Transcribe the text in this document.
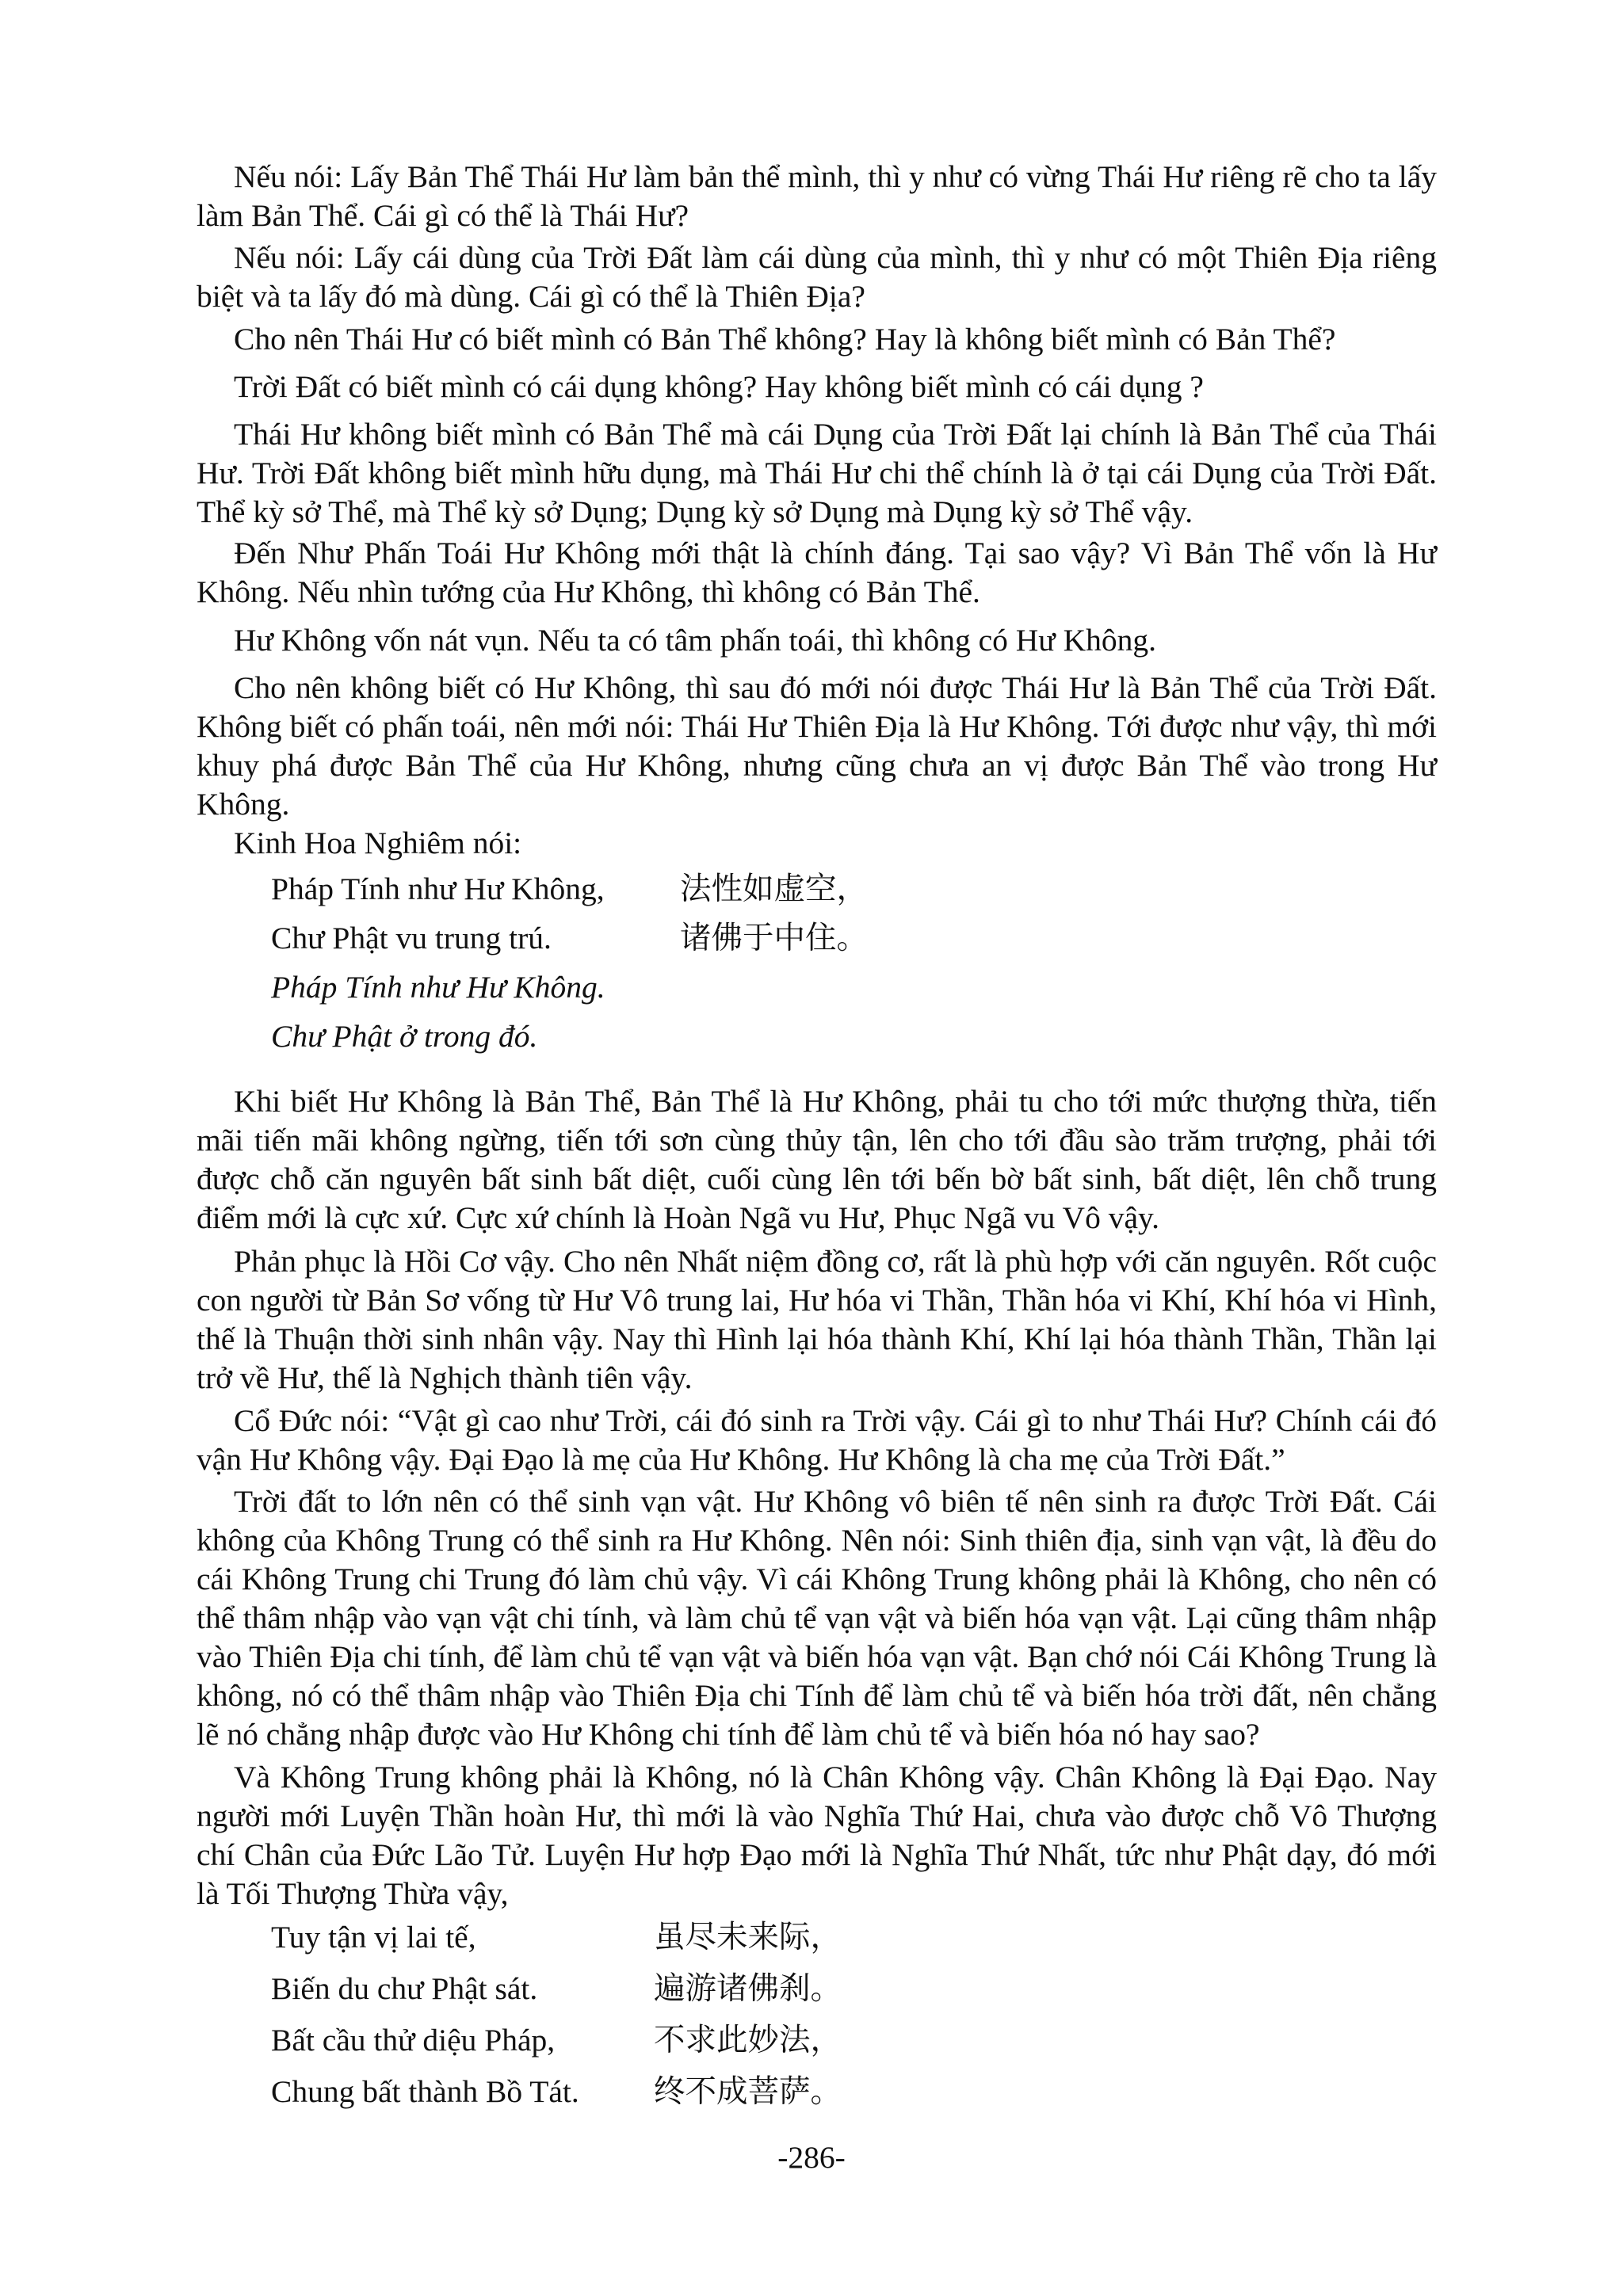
Nếu nói: Lấy Bản Thể Thái Hư làm bản thể mình, thì y như có vừng Thái Hư riêng rẽ cho ta lấy làm Bản Thể. Cái gì có thể là Thái Hư?

Nếu nói: Lấy cái dùng của Trời Đất làm cái dùng của mình, thì y như có một Thiên Địa riêng biệt và ta lấy đó mà dùng. Cái gì có thể là Thiên Địa?

Cho nên Thái Hư có biết mình có Bản Thể không? Hay là không biết mình có Bản Thể?

Trời Đất có biết mình có cái dụng không? Hay không biết mình có cái dụng ?

Thái Hư không biết mình có Bản Thể mà cái Dụng của Trời Đất lại chính là Bản Thể của Thái Hư. Trời Đất không biết mình hữu dụng, mà Thái Hư chi thể chính là ở tại cái Dụng của Trời Đất. Thể kỳ sở Thể, mà Thể kỳ sở Dụng; Dụng kỳ sở Dụng mà Dụng kỳ sở Thể vậy.

Đến Như Phấn Toái Hư Không mới thật là chính đáng. Tại sao vậy? Vì Bản Thể vốn là Hư Không. Nếu nhìn tướng của Hư Không, thì không có Bản Thể.

Hư Không vốn nát vụn. Nếu ta có tâm phấn toái, thì không có Hư Không.

Cho nên không biết có Hư Không, thì sau đó mới nói được Thái Hư là Bản Thể của Trời Đất. Không biết có phấn toái, nên mới nói: Thái Hư Thiên Địa là Hư Không. Tới được như vậy, thì mới khuy phá được Bản Thể của Hư Không, nhưng cũng chưa an vị được Bản Thể vào trong Hư Không.

Kinh Hoa Nghiêm nói:

Pháp Tính như Hư Không, 法性如虚空，
Chư Phật vu trung trú.	诸佛于中住。
Pháp Tính như Hư Không.
Chư Phật ở trong đó.

Khi biết Hư Không là Bản Thể, Bản Thể là Hư Không, phải tu cho tới mức thượng thừa, tiến mãi tiến mãi không ngừng, tiến tới sơn cùng thủy tận, lên cho tới đầu sào trăm trượng, phải tới được chỗ căn nguyên bất sinh bất diệt, cuối cùng lên tới bến bờ bất sinh, bất diệt, lên chỗ trung điểm mới là cực xứ. Cực xứ chính là Hoàn Ngã vu Hư, Phục Ngã vu Vô vậy.

Phản phục là Hồi Cơ vậy. Cho nên Nhất niệm đồng cơ, rất là phù hợp với căn nguyên. Rốt cuộc con người từ Bản Sơ vống từ Hư Vô trung lai, Hư hóa vi Thần, Thần hóa vi Khí, Khí hóa vi Hình, thế là Thuận thời sinh nhân vậy. Nay thì Hình lại hóa thành Khí, Khí lại hóa thành Thần, Thần lại trở về Hư, thế là Nghịch thành tiên vậy.

Cổ Đức nói: “Vật gì cao như Trời, cái đó sinh ra Trời vậy. Cái gì to như Thái Hư? Chính cái đó vận Hư Không vậy. Đại Đạo là mẹ của Hư Không. Hư Không là cha mẹ của Trời Đất.”

Trời đất to lớn nên có thể sinh vạn vật. Hư Không vô biên tế nên sinh ra được Trời Đất. Cái không của Không Trung có thể sinh ra Hư Không. Nên nói: Sinh thiên địa, sinh vạn vật, là đều do cái Không Trung chi Trung đó làm chủ vậy. Vì cái Không Trung không phải là Không, cho nên có thể thâm nhập vào vạn vật chi tính, và làm chủ tể vạn vật và biến hóa vạn vật. Lại cũng thâm nhập vào Thiên Địa chi tính, để làm chủ tể vạn vật và biến hóa vạn vật. Bạn chớ nói Cái Không Trung là không, nó có thể thâm nhập vào Thiên Địa chi Tính để làm chủ tể và biến hóa trời đất, nên chẳng lẽ nó chẳng nhập được vào Hư Không chi tính để làm chủ tể và biến hóa nó hay sao?

Và Không Trung không phải là Không, nó là Chân Không vậy. Chân Không là Đại Đạo. Nay người mới Luyện Thần hoàn Hư, thì mới là vào Nghĩa Thứ Hai, chưa vào được chỗ Vô Thượng chí Chân của Đức Lão Tử. Luyện Hư hợp Đạo mới là Nghĩa Thứ Nhất, tức như Phật dạy, đó mới là Tối Thượng Thừa vậy,

Tuy tận vị lai tế,	虽尽未来际，
Biến du chư Phật sát.	遍游诸佛刹。
Bất cầu thử diệu Pháp,	不求此妙法，
Chung bất thành Bồ Tát. 终不成菩萨。
-286-
